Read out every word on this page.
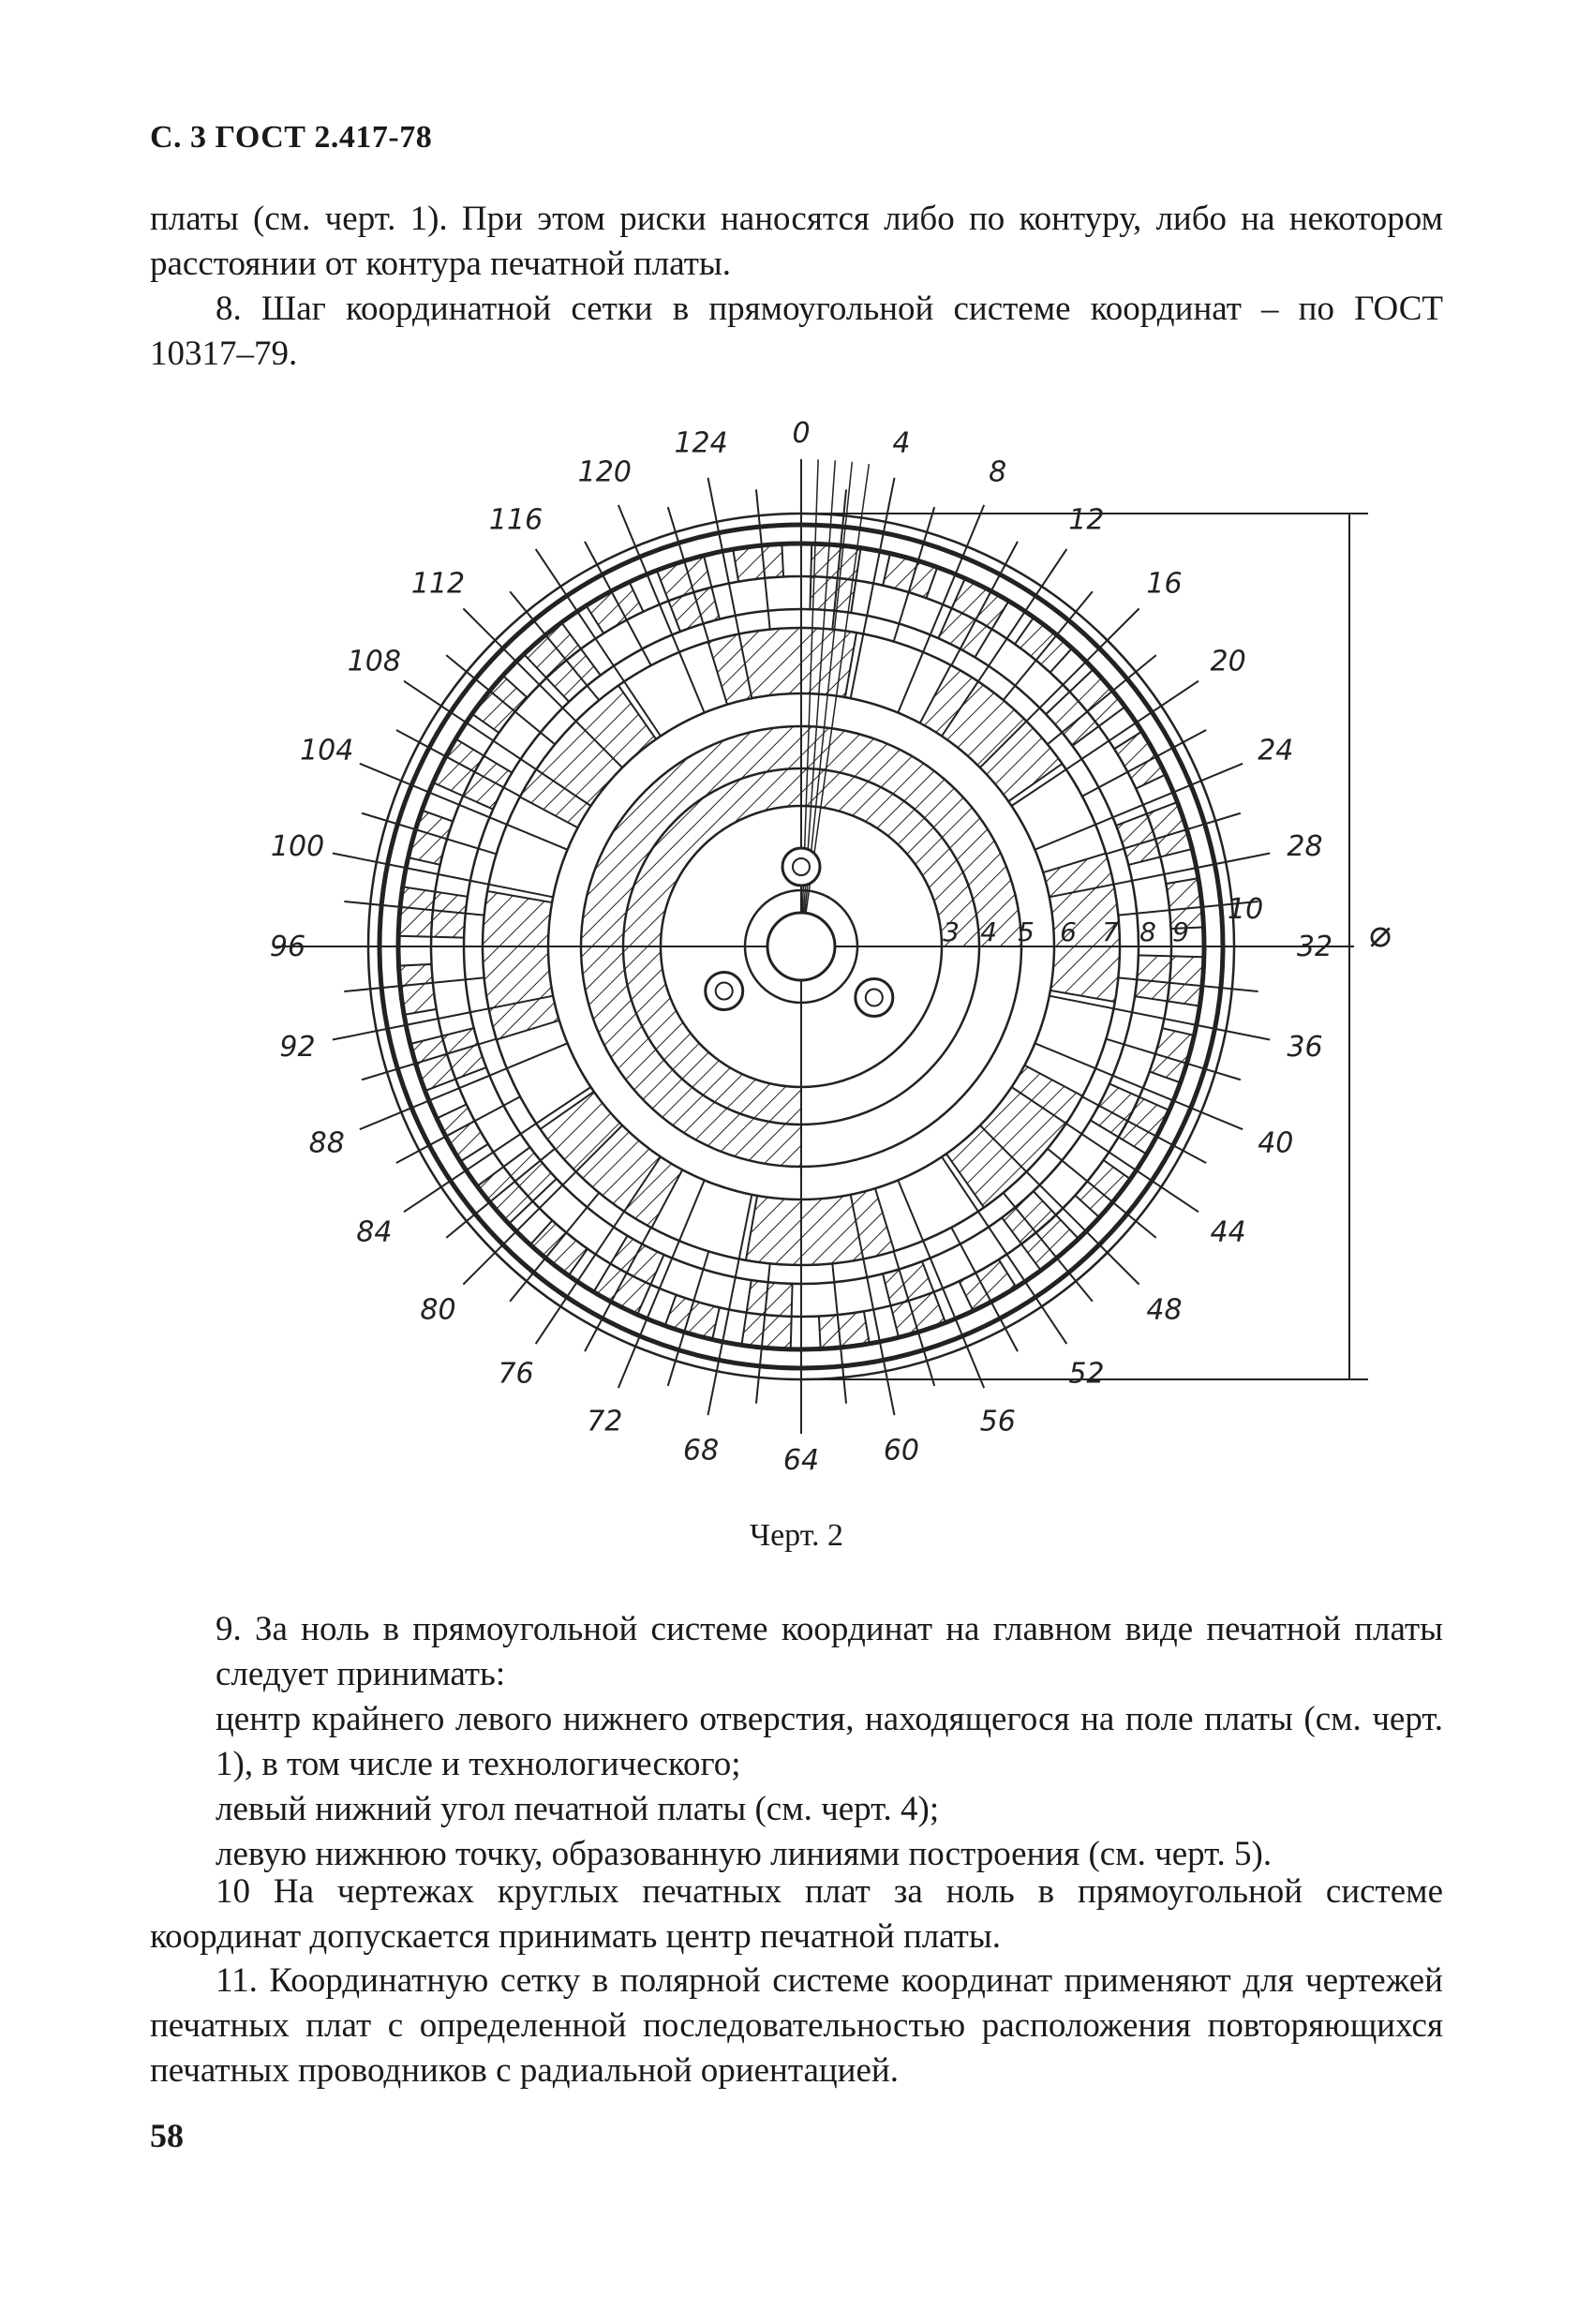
С. 3 ГОСТ 2.417-78
платы (см. черт. 1). При этом риски наносятся либо по контуру, либо на некотором расстоянии от контура печатной платы.
8. Шаг координатной сетки в прямоугольной системе координат – по ГОСТ 10317–79.
0	4
8
12
16
20
24
28
32
36
40
44
48
52
56
60
64
68
72
76
80
84
88
92
96
100
104
108
112
116
120
124
3 4 5 6 7 8 9
10
⌀
Черт. 2
9. За ноль в прямоугольной системе координат на главном виде печатной платы следует принимать:
центр крайнего левого нижнего отверстия, находящегося на поле платы (см. черт. 1), в том числе и технологического;
левый нижний угол печатной платы (см. черт. 4);
левую нижнюю точку, образованную линиями построения (см. черт. 5).
10 На чертежах круглых печатных плат за ноль в прямоугольной системе координат допускается принимать центр печатной платы.
11. Координатную сетку в полярной системе координат применяют для чертежей печатных плат с определенной последовательностью расположения повторяющихся печатных проводников с радиальной ориентацией.
58
